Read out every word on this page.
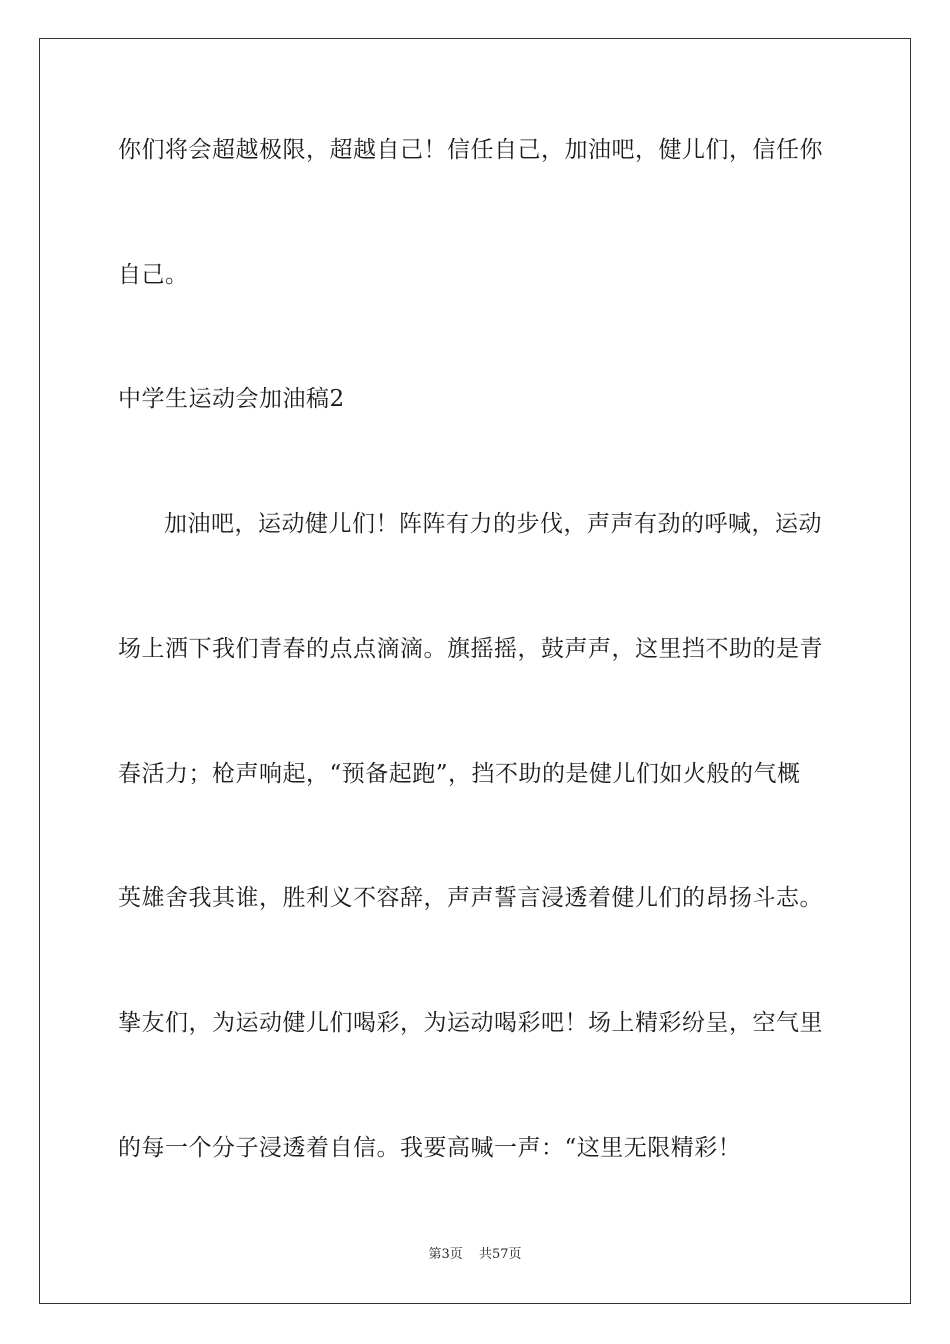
你们将会超越极限，超越自己！信任自己，加油吧，健儿们，信任你
自己。
中学生运动会加油稿2
加油吧，运动健儿们！阵阵有力的步伐，声声有劲的呼喊，运动
场上洒下我们青春的点点滴滴。旗摇摇，鼓声声，这里挡不助的是青
春活力；枪声响起，“预备起跑”，挡不助的是健儿们如火般的气概
英雄舍我其谁，胜利义不容辞，声声誓言浸透着健儿们的昂扬斗志。
挚友们，为运动健儿们喝彩，为运动喝彩吧！场上精彩纷呈，空气里
的每一个分子浸透着自信。我要高喊一声：“这里无限精彩！
第3页 共57页
